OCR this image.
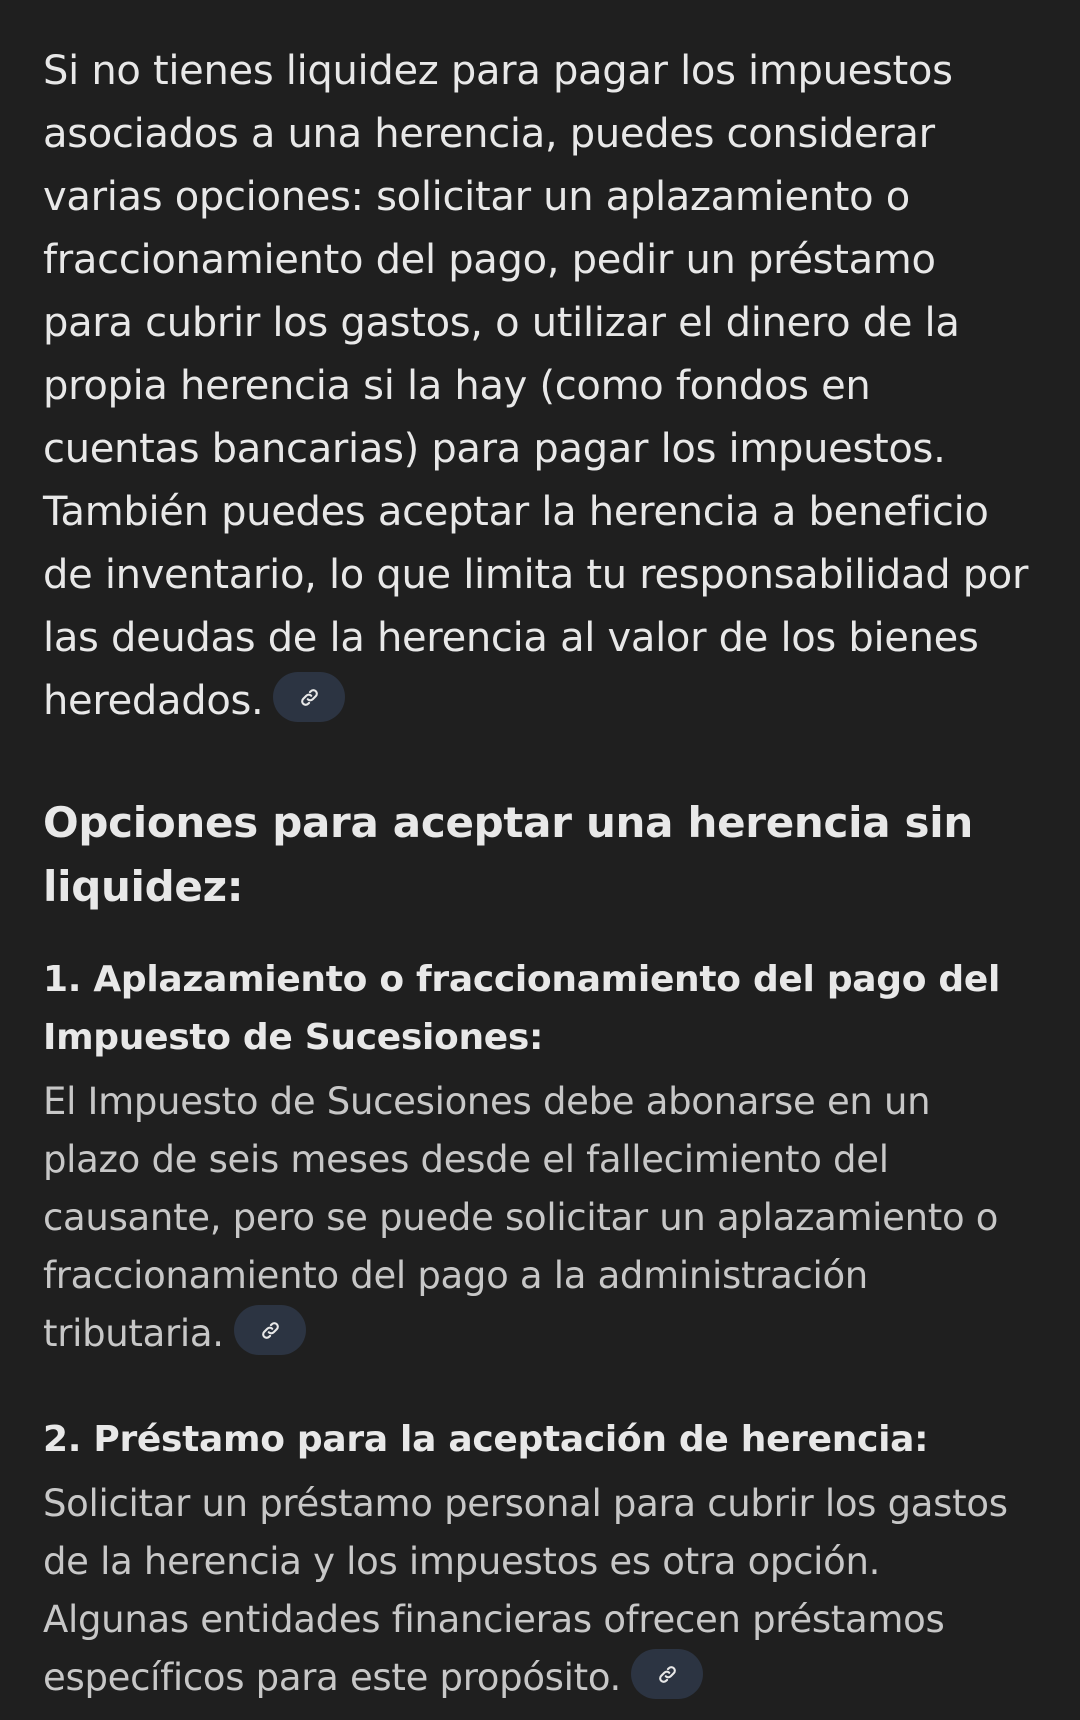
Si no tienes liquidez para pagar los impuestos asociados a una herencia, puedes considerar varias opciones: solicitar un aplazamiento o fraccionamiento del pago, pedir un préstamo para cubrir los gastos, o utilizar el dinero de la propia herencia si la hay (como fondos en cuentas bancarias) para pagar los impuestos. También puedes aceptar la herencia a beneficio de inventario, lo que limita tu responsabilidad por las deudas de la herencia al valor de los bienes heredados.

Opciones para aceptar una herencia sin liquidez:
1. Aplazamiento o fraccionamiento del pago del Impuesto de Sucesiones:

El Impuesto de Sucesiones debe abonarse en un plazo de seis meses desde el fallecimiento del causante, pero se puede solicitar un aplazamiento o fraccionamiento del pago a la administración tributaria.

2. Préstamo para la aceptación de herencia:

Solicitar un préstamo personal para cubrir los gastos de la herencia y los impuestos es otra opción. Algunas entidades financieras ofrecen préstamos específicos para este propósito.
